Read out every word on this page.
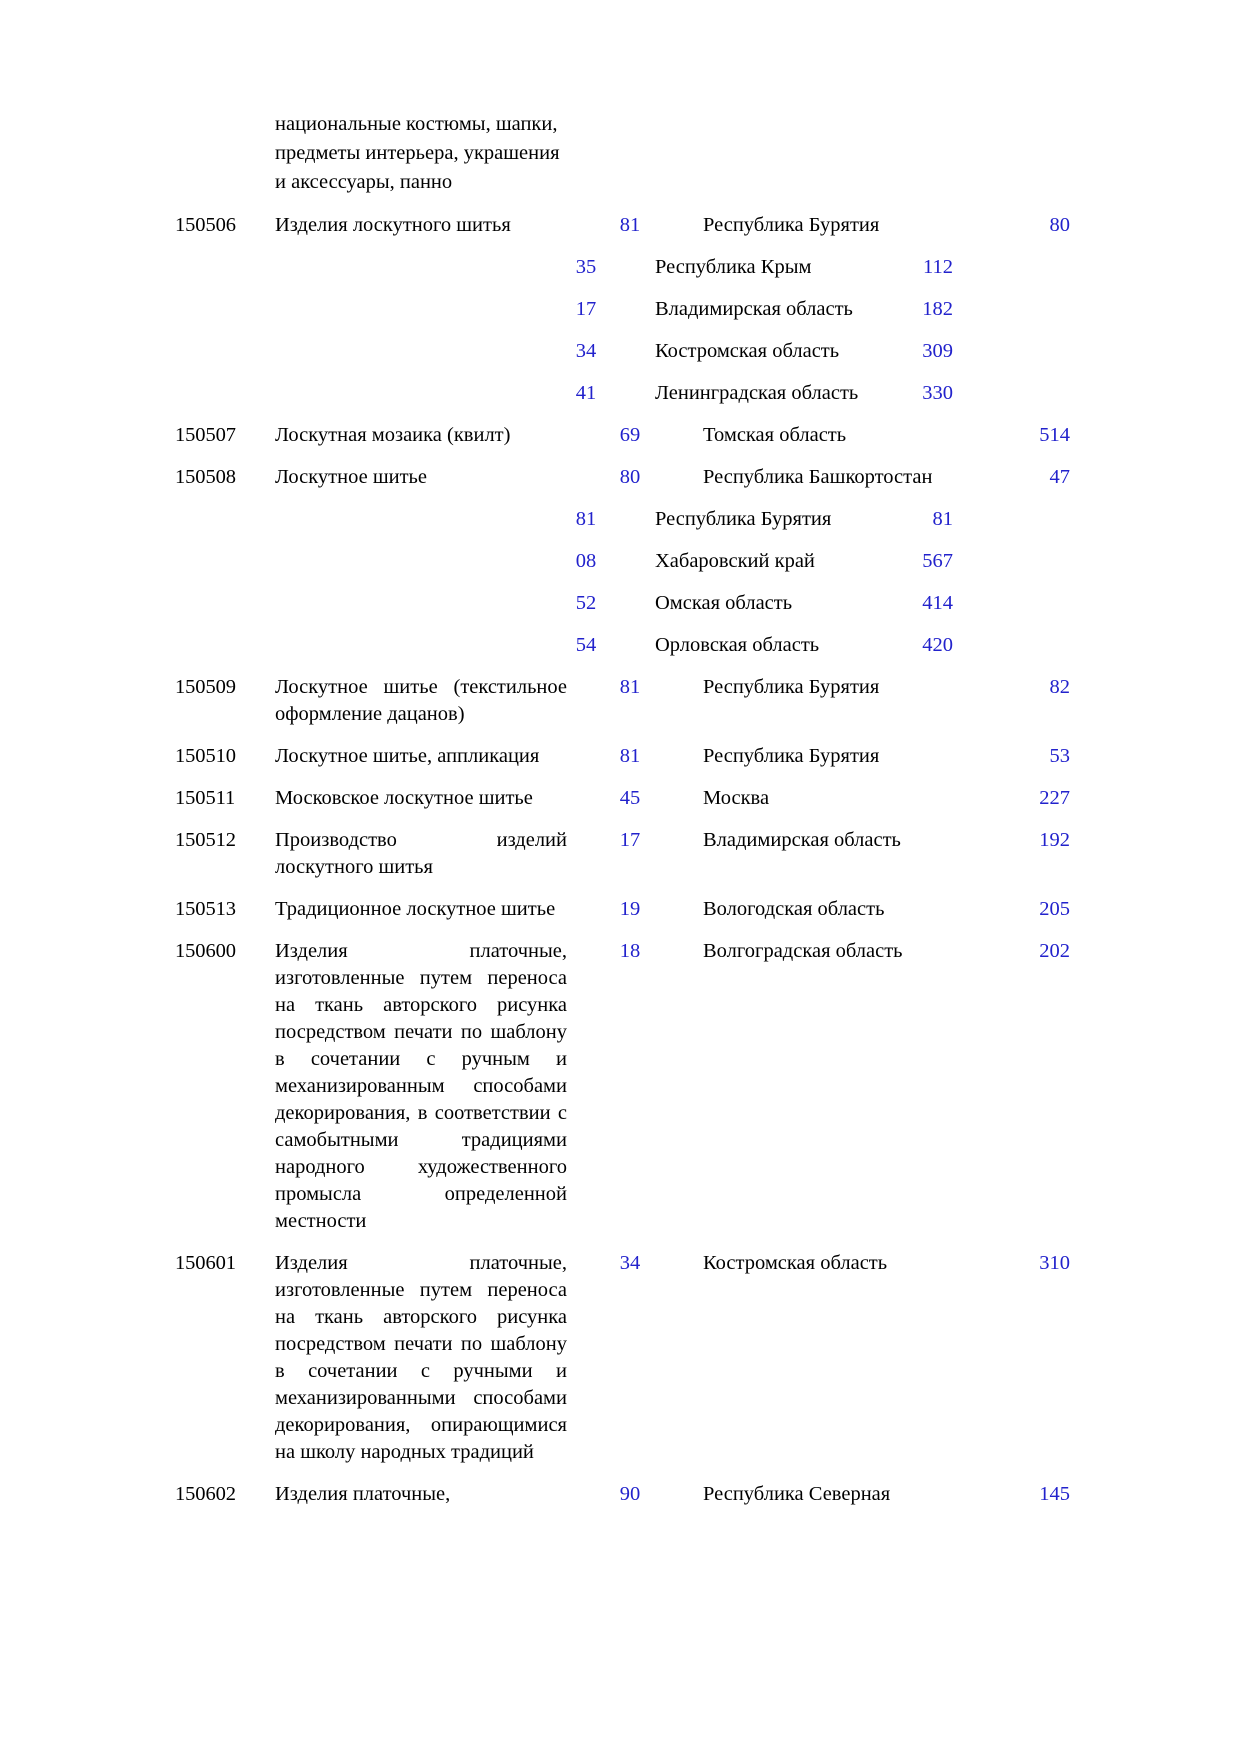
		национальные костюмы, шапки,
предметы интерьера, украшения
и аксессуары, панно					

150506		Изделия лоскутного шитья		81		Республика Бурятия	80
			35		Республика Крым	112	
			17		Владимирская область	182	
			34		Костромская область	309	
			41		Ленинградская область	330	

150507		Лоскутная мозаика (квилт)		69		Томская область	514

150508		Лоскутное шитье		80		Республика Башкортостан	47
			81		Республика Бурятия	81	
			08		Хабаровский край	567	
			52		Омская область	414	
			54		Орловская область	420	

150509		Лоскутное шитье (текстильное

оформление дацанов)		81		Республика Бурятия	82

150510		Лоскутное шитье, аппликация		81		Республика Бурятия	53

150511		Московское лоскутное шитье		45		Москва	227

150512		Производство изделий

лоскутного шитья		17		Владимирская область	192

150513		Традиционное лоскутное шитье		19		Вологодская область	205

150600		Изделия платочные,

изготовленные путем переноса

на ткань авторского рисунка

посредством печати по шаблону

в сочетании с ручным и

механизированным способами

декорирования, в соответствии с

самобытными традициями

народного художественного

промысла определенной

местности

		18		Волгоградская область	202

150601		Изделия платочные,

изготовленные путем переноса

на ткань авторского рисунка

посредством печати по шаблону

в сочетании с ручными и

механизированными способами

декорирования, опирающимися

на школу народных традиций

		34		Костромская область	310

150602		Изделия платочные,		90		Республика Северная	145
